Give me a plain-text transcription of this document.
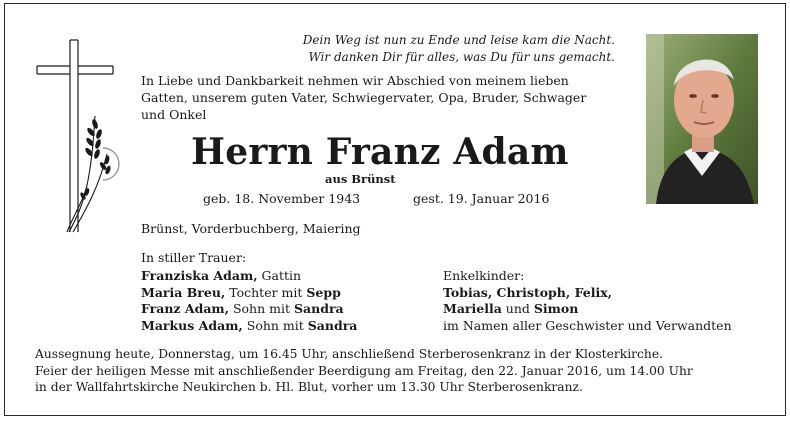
Dein Weg ist nun zu Ende und leise kam die Nacht.
Wir danken Dir für alles, was Du für uns gemacht.
In Liebe und Dankbarkeit nehmen wir Abschied von meinem lieben
Gatten, unserem guten Vater, Schwiegervater, Opa, Bruder, Schwager
und Onkel
Herrn Franz Adam
aus Brünst
geb. 18. November 1943	gest. 19. Januar 2016
Brünst, Vorderbuchberg, Maiering
In stiller Trauer:
Franziska Adam, Gattin
Maria Breu, Tochter mit Sepp
Franz Adam, Sohn mit Sandra
Markus Adam, Sohn mit Sandra
Enkelkinder:
Tobias, Christoph, Felix,
Mariella und Simon
im Namen aller Geschwister und Verwandten
Aussegnung heute, Donnerstag, um 16.45 Uhr, anschließend Sterberosenkranz in der Klosterkirche.
Feier der heiligen Messe mit anschließender Beerdigung am Freitag, den 22. Januar 2016, um 14.00 Uhr
in der Wallfahrtskirche Neukirchen b. Hl. Blut, vorher um 13.30 Uhr Sterberosenkranz.
